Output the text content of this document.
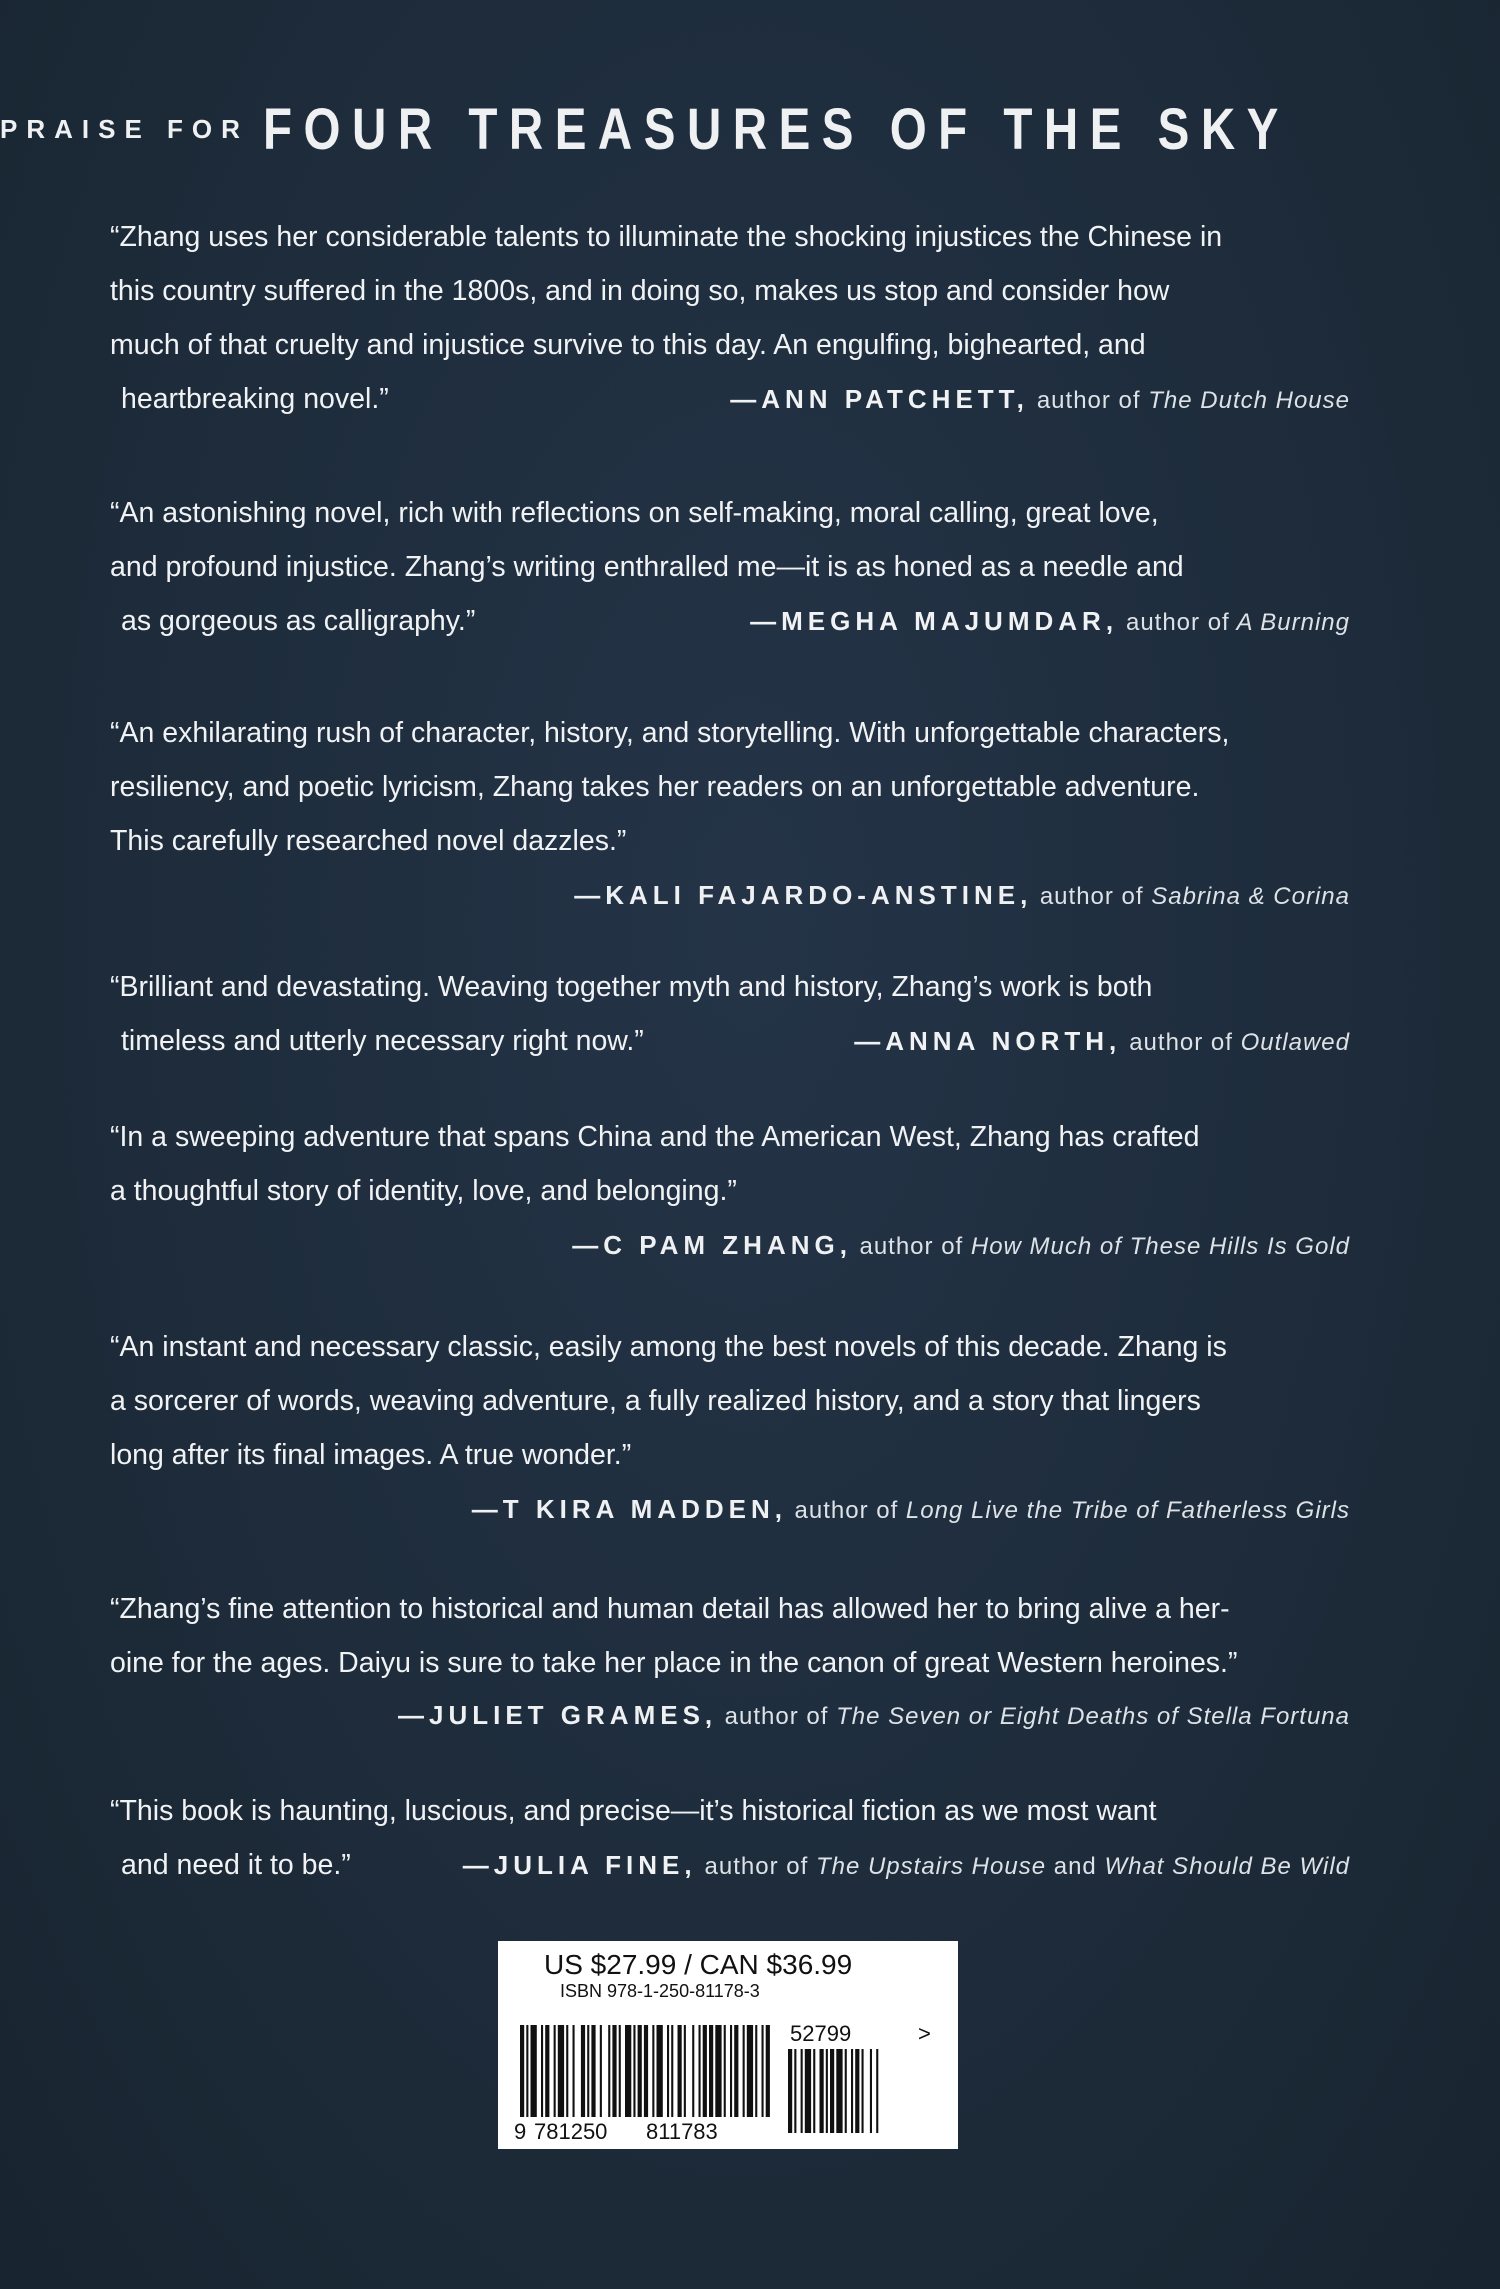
PRAISE FOR FOUR TREASURES OF THE SKY
“Zhang uses her considerable talents to illuminate the shocking injustices the Chinese in
this country suffered in the 1800s, and in doing so, makes us stop and consider how
much of that cruelty and injustice survive to this day. An engulfing, bighearted, and
heartbreaking novel.”	—ANN PATCHETT, author of The Dutch House
“An astonishing novel, rich with reflections on self-making, moral calling, great love,
and profound injustice. Zhang’s writing enthralled me—it is as honed as a needle and
as gorgeous as calligraphy.”	—MEGHA MAJUMDAR, author of A Burning
“An exhilarating rush of character, history, and storytelling. With unforgettable characters,
resiliency, and poetic lyricism, Zhang takes her readers on an unforgettable adventure.
This carefully researched novel dazzles.”
—KALI FAJARDO-ANSTINE, author of Sabrina & Corina
“Brilliant and devastating. Weaving together myth and history, Zhang’s work is both
timeless and utterly necessary right now.”	—ANNA NORTH, author of Outlawed
“In a sweeping adventure that spans China and the American West, Zhang has crafted
a thoughtful story of identity, love, and belonging.”
—C PAM ZHANG, author of How Much of These Hills Is Gold
“An instant and necessary classic, easily among the best novels of this decade. Zhang is
a sorcerer of words, weaving adventure, a fully realized history, and a story that lingers
long after its final images. A true wonder.”
—T KIRA MADDEN, author of Long Live the Tribe of Fatherless Girls
“Zhang’s fine attention to historical and human detail has allowed her to bring alive a her-
oine for the ages. Daiyu is sure to take her place in the canon of great Western heroines.”
—JULIET GRAMES, author of The Seven or Eight Deaths of Stella Fortuna
“This book is haunting, luscious, and precise—it’s historical fiction as we most want
and need it to be.”	—JULIA FINE, author of The Upstairs House and What Should Be Wild
9 781250 811783
52799	>
US $27.99 / CAN $36.99
ISBN 978-1-250-81178-3
